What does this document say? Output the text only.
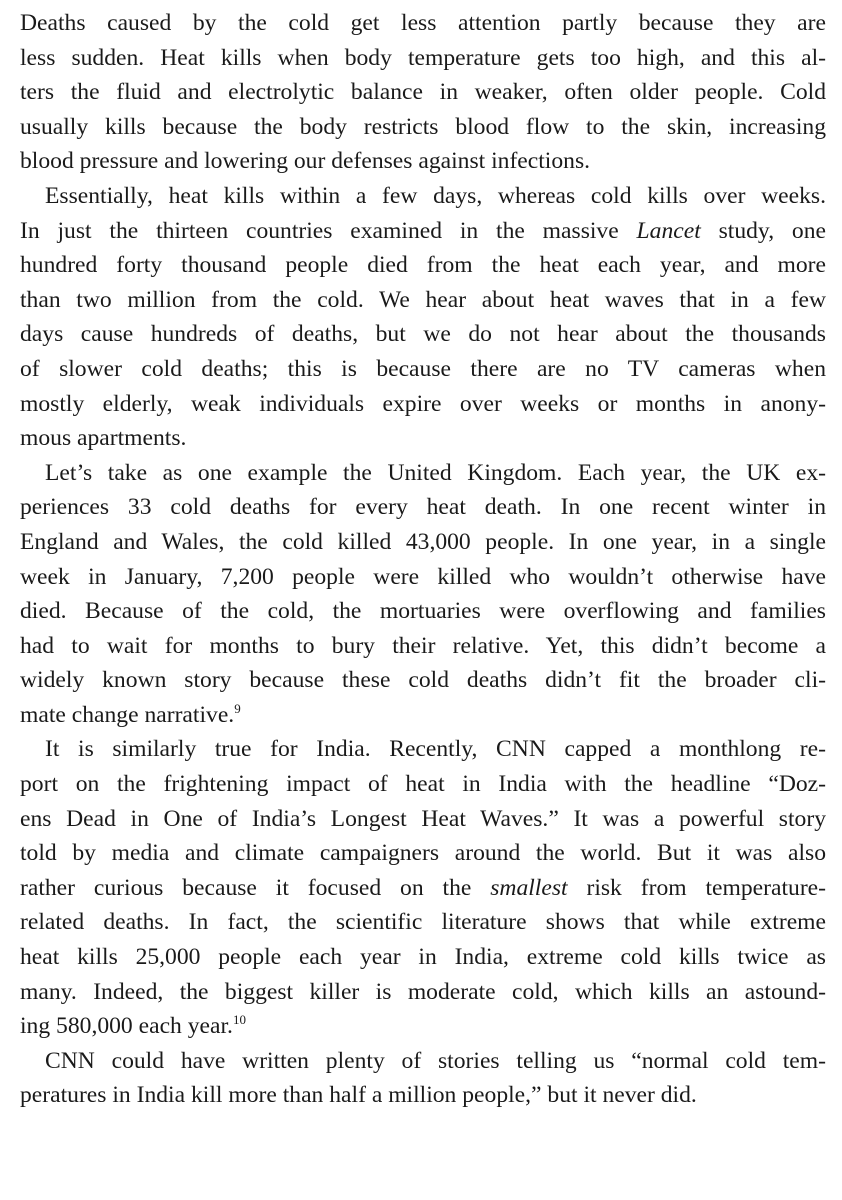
Deaths caused by the cold get less attention partly because they are
less sudden. Heat kills when body temperature gets too high, and this al-
ters the fluid and electrolytic balance in weaker, often older people. Cold
usually kills because the body restricts blood flow to the skin, increasing
blood pressure and lowering our defenses against infections.
Essentially, heat kills within a few days, whereas cold kills over weeks.
In just the thirteen countries examined in the massive Lancet study, one
hundred forty thousand people died from the heat each year, and more
than two million from the cold. We hear about heat waves that in a few
days cause hundreds of deaths, but we do not hear about the thousands
of slower cold deaths; this is because there are no TV cameras when
mostly elderly, weak individuals expire over weeks or months in anony-
mous apartments.
Let’s take as one example the United Kingdom. Each year, the UK ex-
periences 33 cold deaths for every heat death. In one recent winter in
England and Wales, the cold killed 43,000 people. In one year, in a single
week in January, 7,200 people were killed who wouldn’t otherwise have
died. Because of the cold, the mortuaries were overflowing and families
had to wait for months to bury their relative. Yet, this didn’t become a
widely known story because these cold deaths didn’t fit the broader cli-
mate change narrative.$^9$
It is similarly true for India. Recently, CNN capped a monthlong re-
port on the frightening impact of heat in India with the headline “Doz-
ens Dead in One of India’s Longest Heat Waves.” It was a powerful story
told by media and climate campaigners around the world. But it was also
rather curious because it focused on the smallest risk from temperature-
related deaths. In fact, the scientific literature shows that while extreme
heat kills 25,000 people each year in India, extreme cold kills twice as
many. Indeed, the biggest killer is moderate cold, which kills an astound-
ing 580,000 each year.$^{10}$
CNN could have written plenty of stories telling us “normal cold tem-
peratures in India kill more than half a million people,” but it never did.
